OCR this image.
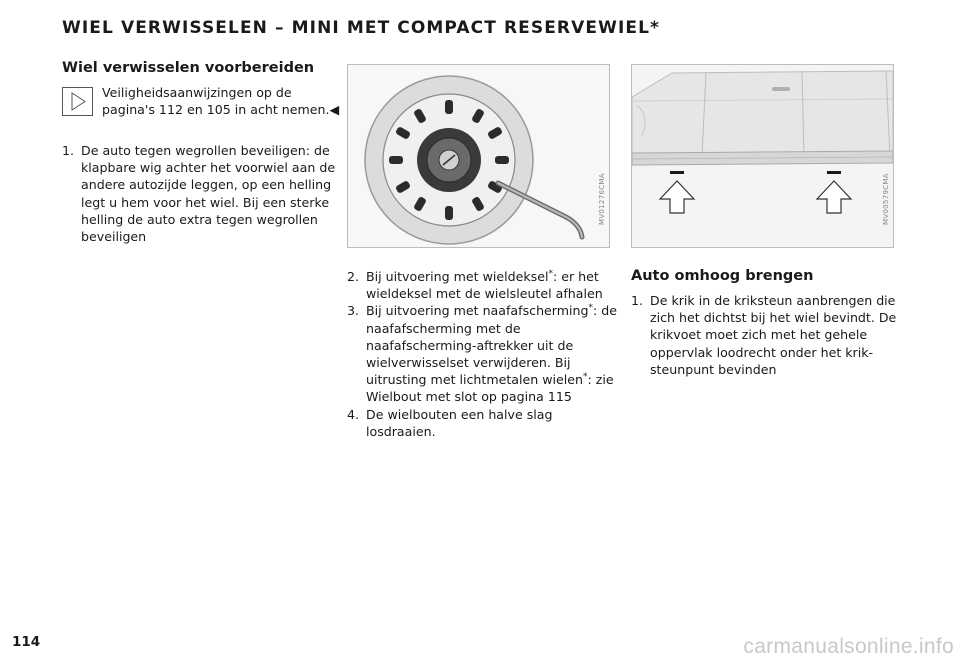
WIEL VERWISSELEN – MINI MET COMPACT RESERVEWIEL*
Wiel verwisselen voorbereiden
Veiligheidsaanwijzingen op de pagina's 112 en 105 in acht nemen.◀
1. De auto tegen wegrollen beveiligen: de klapbare wig achter het voorwiel aan de andere autozijde leggen, op een helling legt u hem voor het wiel. Bij een sterke helling de auto extra tegen wegrollen beveiligen
MV01276CMA	MV00579CMA
2. Bij uitvoering met wieldeksel*: er het wieldeksel met de wielsleutel afhalen
3. Bij uitvoering met naafafscherming*: de naafafscherming met de naafafscherming-aftrekker uit de wielverwisselset verwijderen. Bij uitrusting met lichtmetalen wielen*: zie Wielbout met slot op pagina 115
4. De wielbouten een halve slag losdraaien.
Auto omhoog brengen
1. De krik in de kriksteun aanbrengen die zich het dichtst bij het wiel bevindt. De krikvoet moet zich met het gehele oppervlak loodrecht onder het kriksteunpunt bevinden
114	carmanualsonline.info
